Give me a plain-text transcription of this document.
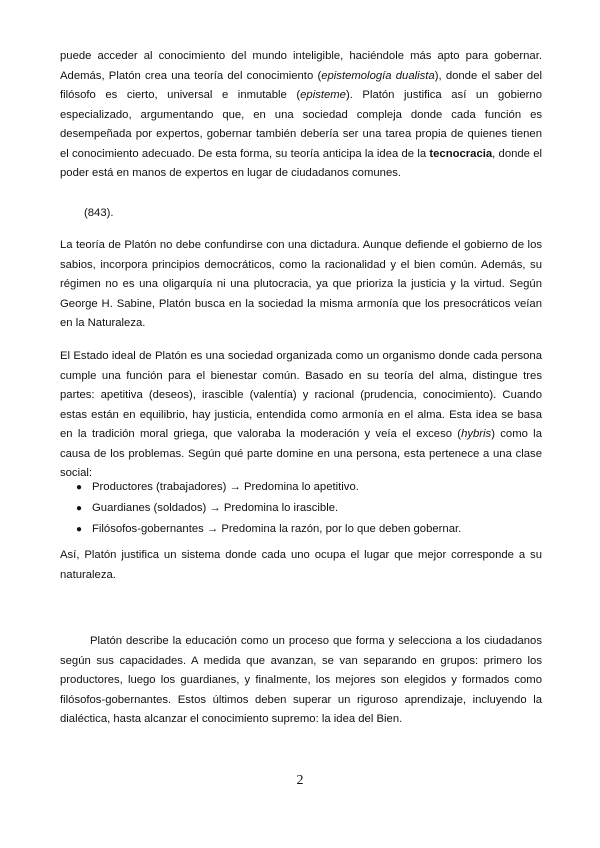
puede acceder al conocimiento del mundo inteligible, haciéndole más apto para gobernar. Además, Platón crea una teoría del conocimiento (epistemología dualista), donde el saber del filósofo es cierto, universal e inmutable (episteme). Platón justifica así un gobierno especializado, argumentando que, en una sociedad compleja donde cada función es desempeñada por expertos, gobernar también debería ser una tarea propia de quienes tienen el conocimiento adecuado. De esta forma, su teoría anticipa la idea de la tecnocracia, donde el poder está en manos de expertos en lugar de ciudadanos comunes.

(843).

La teoría de Platón no debe confundirse con una dictadura. Aunque defiende el gobierno de los sabios, incorpora principios democráticos, como la racionalidad y el bien común. Además, su régimen no es una oligarquía ni una plutocracia, ya que prioriza la justicia y la virtud. Según George H. Sabine, Platón busca en la sociedad la misma armonía que los presocráticos veían en la Naturaleza.

El Estado ideal de Platón es una sociedad organizada como un organismo donde cada persona cumple una función para el bienestar común. Basado en su teoría del alma, distingue tres partes: apetitiva (deseos), irascible (valentía) y racional (prudencia, conocimiento). Cuando estas están en equilibrio, hay justicia, entendida como armonía en el alma. Esta idea se basa en la tradición moral griega, que valoraba la moderación y veía el exceso (hybris) como la causa de los problemas. Según qué parte domine en una persona, esta pertenece a una clase social:

● Productores (trabajadores) → Predomina lo apetitivo.
● Guardianes (soldados) → Predomina lo irascible.
● Filósofos-gobernantes → Predomina la razón, por lo que deben gobernar.

Así, Platón justifica un sistema donde cada uno ocupa el lugar que mejor corresponde a su naturaleza.

Platón describe la educación como un proceso que forma y selecciona a los ciudadanos según sus capacidades. A medida que avanzan, se van separando en grupos: primero los productores, luego los guardianes, y finalmente, los mejores son elegidos y formados como filósofos-gobernantes. Estos últimos deben superar un riguroso aprendizaje, incluyendo la dialéctica, hasta alcanzar el conocimiento supremo: la idea del Bien.

2
